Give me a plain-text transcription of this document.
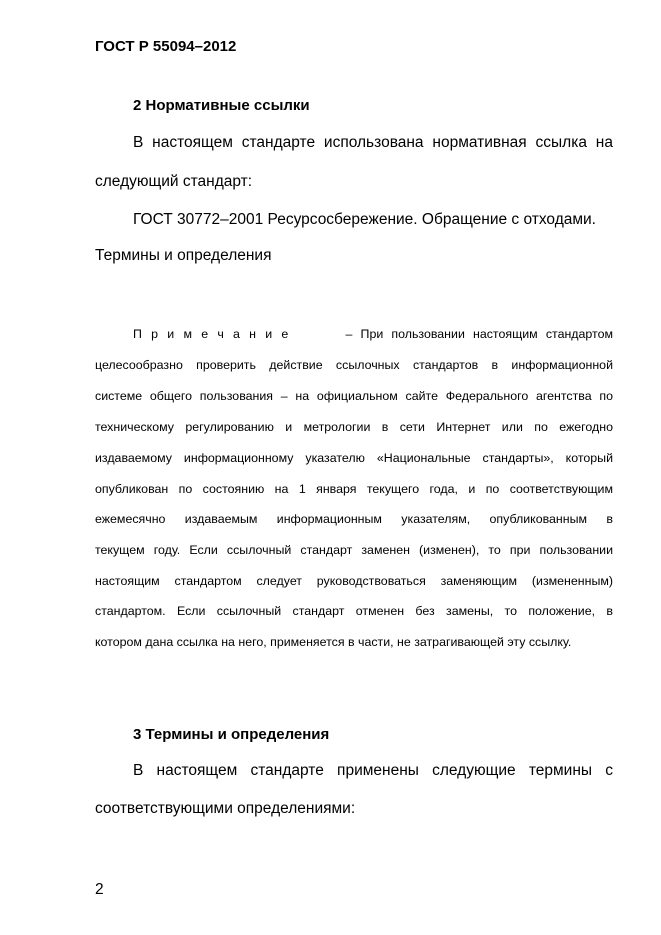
ГОСТ Р 55094–2012
2 Нормативные ссылки
В настоящем стандарте использована нормативная ссылка на
следующий стандарт:
ГОСТ 30772–2001 Ресурсосбережение. Обращение с отходами.
Термины и определения
П р и м е ч а н и е	– При пользовании настоящим стандартом
целесообразно проверить действие ссылочных стандартов в информационной
системе общего пользования – на официальном сайте Федерального агентства по
техническому регулированию и метрологии в сети Интернет или по ежегодно
издаваемому информационному указателю «Национальные стандарты», который
опубликован по состоянию на 1 января текущего года, и по соответствующим
ежемесячно издаваемым информационным указателям, опубликованным в
текущем году. Если ссылочный стандарт заменен (изменен), то при пользовании
настоящим стандартом следует руководствоваться заменяющим (измененным)
стандартом. Если ссылочный стандарт отменен без замены, то положение, в
котором дана ссылка на него, применяется в части, не затрагивающей эту ссылку.
3 Термины и определения
В настоящем стандарте применены следующие термины с
соответствующими определениями:
2
